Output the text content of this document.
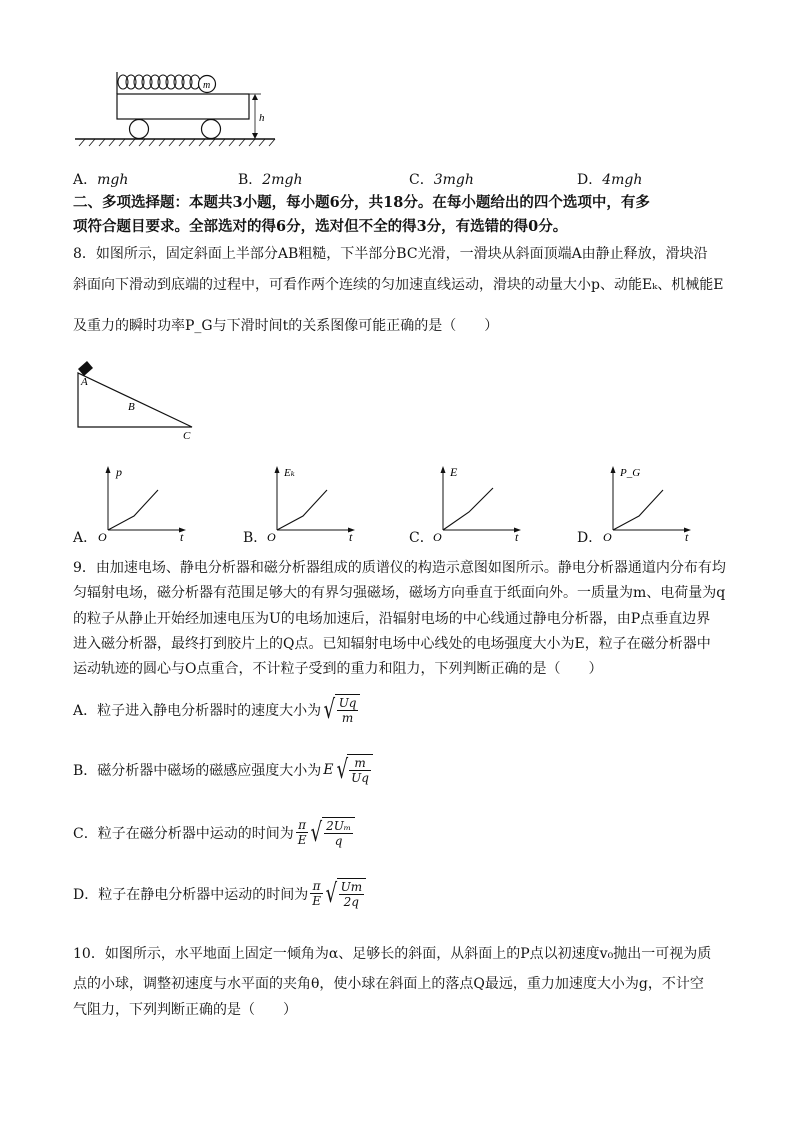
m
h
A．mgh	B．2mgh	C．3mgh	D．4mgh
二、多项选择题：本题共3小题，每小题6分，共18分。在每小题给出的四个选项中，有多
项符合题目要求。全部选对的得6分，选对但不全的得3分，有选错的得0分。
8．如图所示，固定斜面上半部分AB粗糙，下半部分BC光滑，一滑块从斜面顶端A由静止释放，滑块沿
斜面向下滑动到底端的过程中，可看作两个连续的匀加速直线运动，滑块的动量大小p、动能Eₖ、机械能E
及重力的瞬时功率P_G与下滑时间t的关系图像可能正确的是（　　）
A
B
C
A．
p
O	t	B．
Eₖ
O	t	C．
E
O	t	D．
P_G
O	t
9．由加速电场、静电分析器和磁分析器组成的质谱仪的构造示意图如图所示。静电分析器通道内分布有均
匀辐射电场，磁分析器有范围足够大的有界匀强磁场，磁场方向垂直于纸面向外。一质量为m、电荷量为q
的粒子从静止开始经加速电压为U的电场加速后，沿辐射电场的中心线通过静电分析器，由P点垂直边界
进入磁分析器，最终打到胶片上的Q点。已知辐射电场中心线处的电场强度大小为E，粒子在磁分析器中
运动轨迹的圆心与O点重合，不计粒子受到的重力和阻力，下列判断正确的是（　　）
A．粒子进入静电分析器时的速度大小为 √ $\frac{Uq}{m}$
B．磁分析器中磁场的磁感应强度大小为 E √ $\frac{m}{Uq}$
C．粒子在磁分析器中运动的时间为 $\frac{\pi}{E}$ √ $\frac{\text{2Uₘ}}{q}$
D．粒子在静电分析器中运动的时间为 $\frac{\pi}{E}$ √ $\frac{Um}{2q}$
10．如图所示，水平地面上固定一倾角为α、足够长的斜面，从斜面上的P点以初速度v₀抛出一可视为质
点的小球，调整初速度与水平面的夹角θ，使小球在斜面上的落点Q最远，重力加速度大小为g，不计空
气阻力，下列判断正确的是（　　）
